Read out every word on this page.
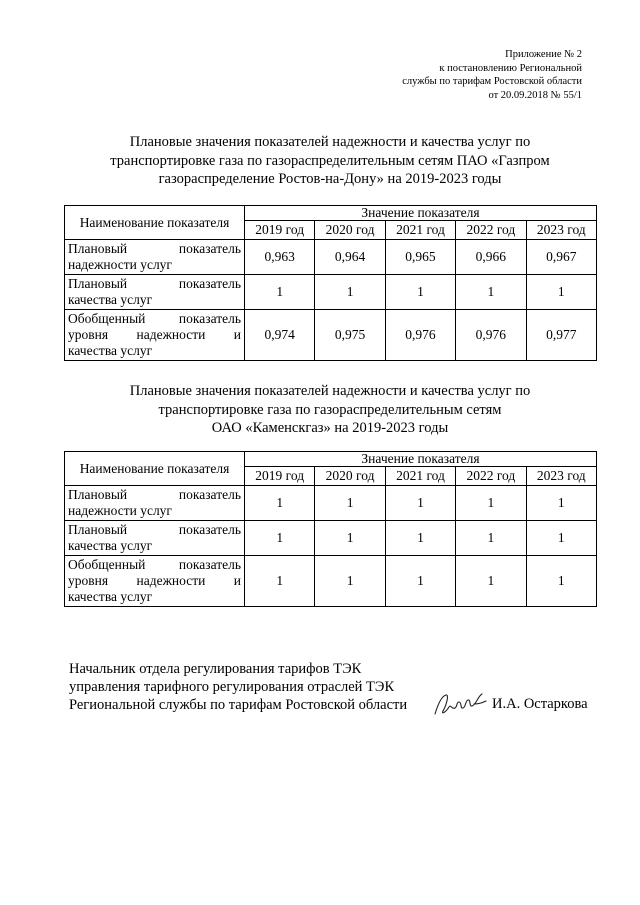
Приложение № 2
к постановлению Региональной
службы по тарифам Ростовской области
от 20.09.2018 № 55/1
Плановые значения показателей надежности и качества услуг по
транспортировке газа по газораспределительным сетям ПАО «Газпром
газораспределение Ростов-на-Дону» на 2019-2023 годы
Наименование показателя	Значение показателя				
	2019 год	2020 год	2021 год	2022 год	2023 год
Плановый показатель надежности услуг	0,963	0,964	0,965	0,966	0,967
Плановый показатель качества услуг	1	1	1	1	1
Обобщенный показатель уровня надежности и качества услуг	0,974	0,975	0,976	0,976	0,977
Плановые значения показателей надежности и качества услуг по
транспортировке газа по газораспределительным сетям
ОАО «Каменскгаз» на 2019-2023 годы
Наименование показателя	Значение показателя				
	2019 год	2020 год	2021 год	2022 год	2023 год
Плановый показатель надежности услуг	1	1	1	1	1
Плановый показатель качества услуг	1	1	1	1	1
Обобщенный показатель уровня надежности и качества услуг	1	1	1	1	1
Начальник отдела регулирования тарифов ТЭК
управления тарифного регулирования отраслей ТЭК
Региональной службы по тарифам Ростовской области	И.А. Остаркова
